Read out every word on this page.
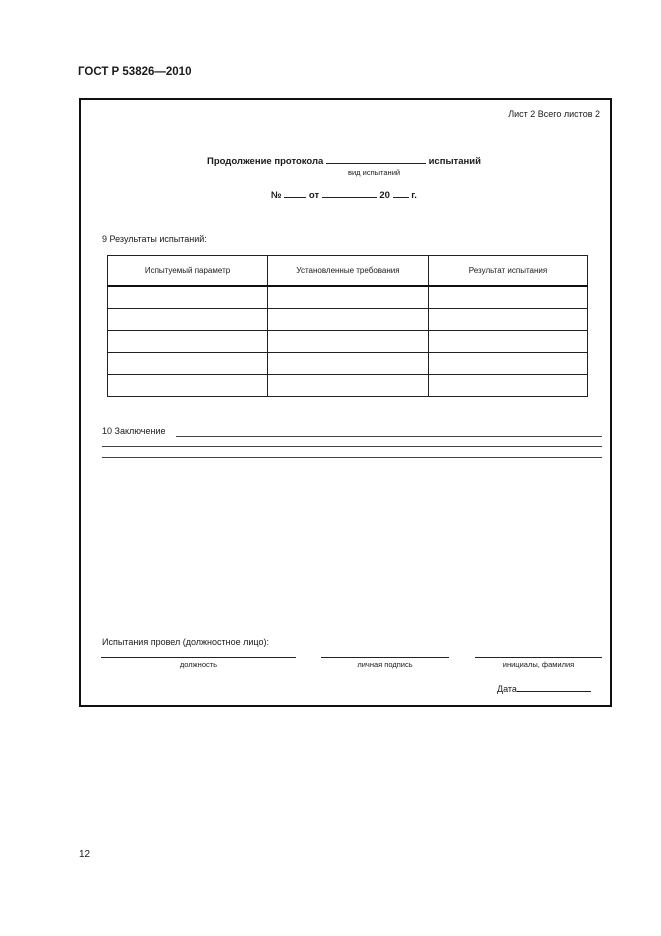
ГОСТ Р 53826—2010
Лист 2 Всего листов 2
Продолжение протокола	испытаний
вид испытаний
№	от	20 г.
9 Результаты испытаний:
Испытуемый параметр	Установленные требования	Результат испытания

10 Заключение
Испытания провел (должностное лицо):
должность	личная подпись	инициалы, фамилия
Дата
12
